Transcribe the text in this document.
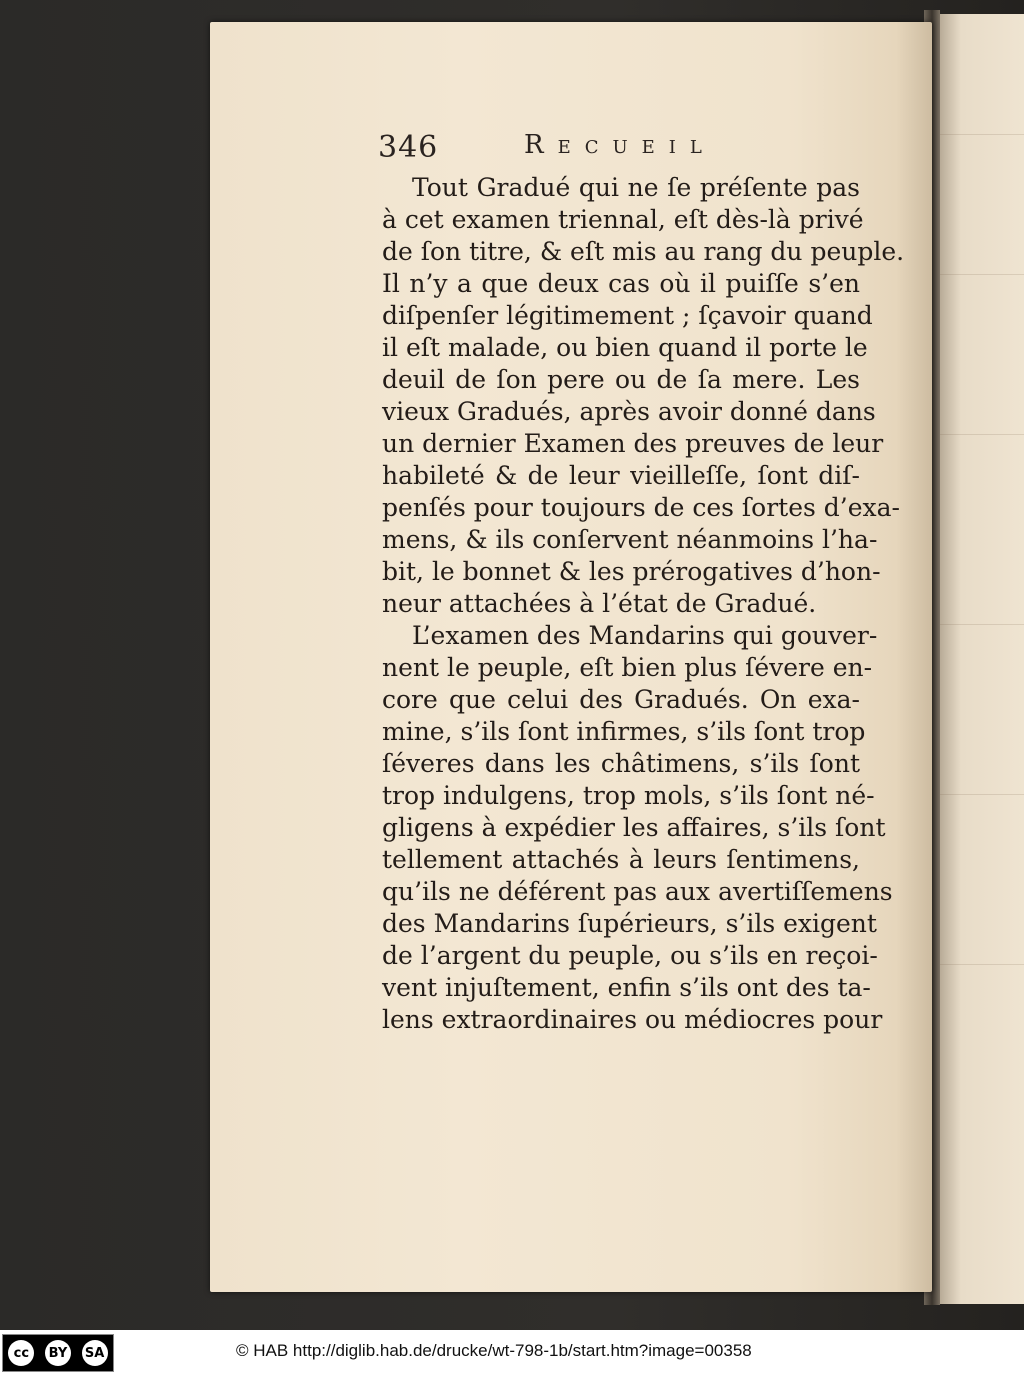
346	Recueil
Tout Gradué qui ne ſe préſente pas
à cet examen triennal, eſt dès-là privé
de ſon titre, & eſt mis au rang du peuple.
Il n’y a que deux cas où il puiſſe s’en
diſpenſer légitimement ; ſçavoir quand
il eſt malade, ou bien quand il porte le
deuil de ſon pere ou de ſa mere. Les
vieux Gradués, après avoir donné dans
un dernier Examen des preuves de leur
habileté & de leur vieilleſſe, ſont diſ-
penſés pour toujours de ces ſortes d’exa-
mens, & ils conſervent néanmoins l’ha-
bit, le bonnet & les prérogatives d’hon-
neur attachées à l’état de Gradué.
L’examen des Mandarins qui gouver-
nent le peuple, eſt bien plus ſévere en-
core que celui des Gradués. On exa-
mine, s’ils ſont infirmes, s’ils ſont trop
ſéveres dans les châtimens, s’ils ſont
trop indulgens, trop mols, s’ils ſont né-
gligens à expédier les affaires, s’ils ſont
tellement attachés à leurs ſentimens,
qu’ils ne déférent pas aux avertiſſemens
des Mandarins ſupérieurs, s’ils exigent
de l’argent du peuple, ou s’ils en reçoi-
vent injuſtement, enfin s’ils ont des ta-
lens extraordinaires ou médiocres pour
cc	BY SA	© HAB http://diglib.hab.de/drucke/wt-798-1b/start.htm?image=00358
